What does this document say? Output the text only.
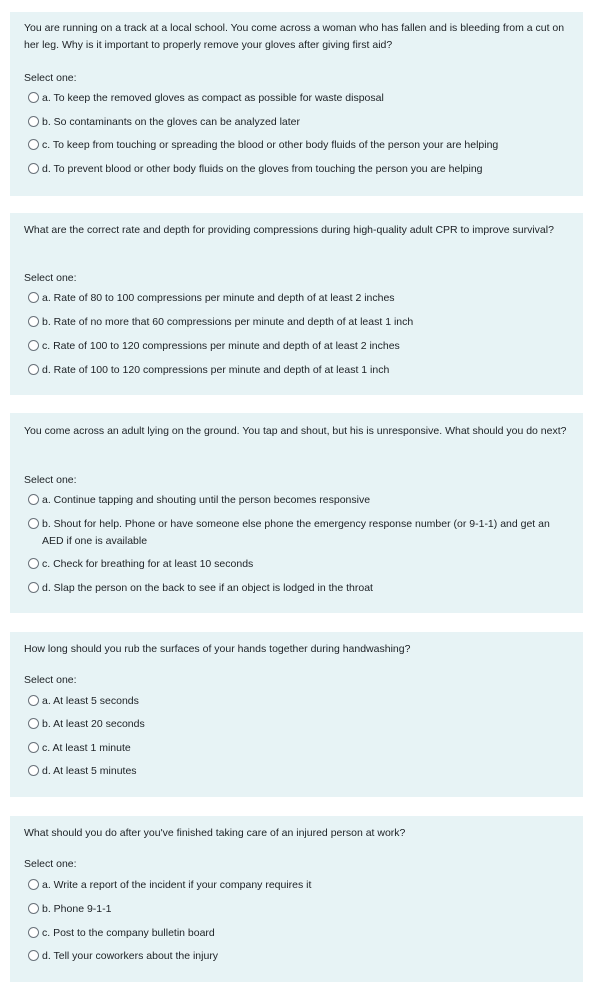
You are running on a track at a local school. You come across a woman who has fallen and is bleeding from a cut on her leg. Why is it important to properly remove your gloves after giving first aid?
Select one:
a. To keep the removed gloves as compact as possible for waste disposal
b. So contaminants on the gloves can be analyzed later
c. To keep from touching or spreading the blood or other body fluids of the person your are helping
d. To prevent blood or other body fluids on the gloves from touching the person you are helping
What are the correct rate and depth for providing compressions during high-quality adult CPR to improve survival?
Select one:
a. Rate of 80 to 100 compressions per minute and depth of at least 2 inches
b. Rate of no more that 60 compressions per minute and depth of at least 1 inch
c. Rate of 100 to 120 compressions per minute and depth of at least 2 inches
d. Rate of 100 to 120 compressions per minute and depth of at least 1 inch
You come across an adult lying on the ground. You tap and shout, but his is unresponsive. What should you do next?
Select one:
a. Continue tapping and shouting until the person becomes responsive
b. Shout for help. Phone or have someone else phone the emergency response number (or 9-1-1) and get an AED if one is available
c. Check for breathing for at least 10 seconds
d. Slap the person on the back to see if an object is lodged in the throat
How long should you rub the surfaces of your hands together during handwashing?
Select one:
a. At least 5 seconds
b. At least 20 seconds
c. At least 1 minute
d. At least 5 minutes
What should you do after you've finished taking care of an injured person at work?
Select one:
a. Write a report of the incident if your company requires it
b. Phone 9-1-1
c. Post to the company bulletin board
d. Tell your coworkers about the injury
